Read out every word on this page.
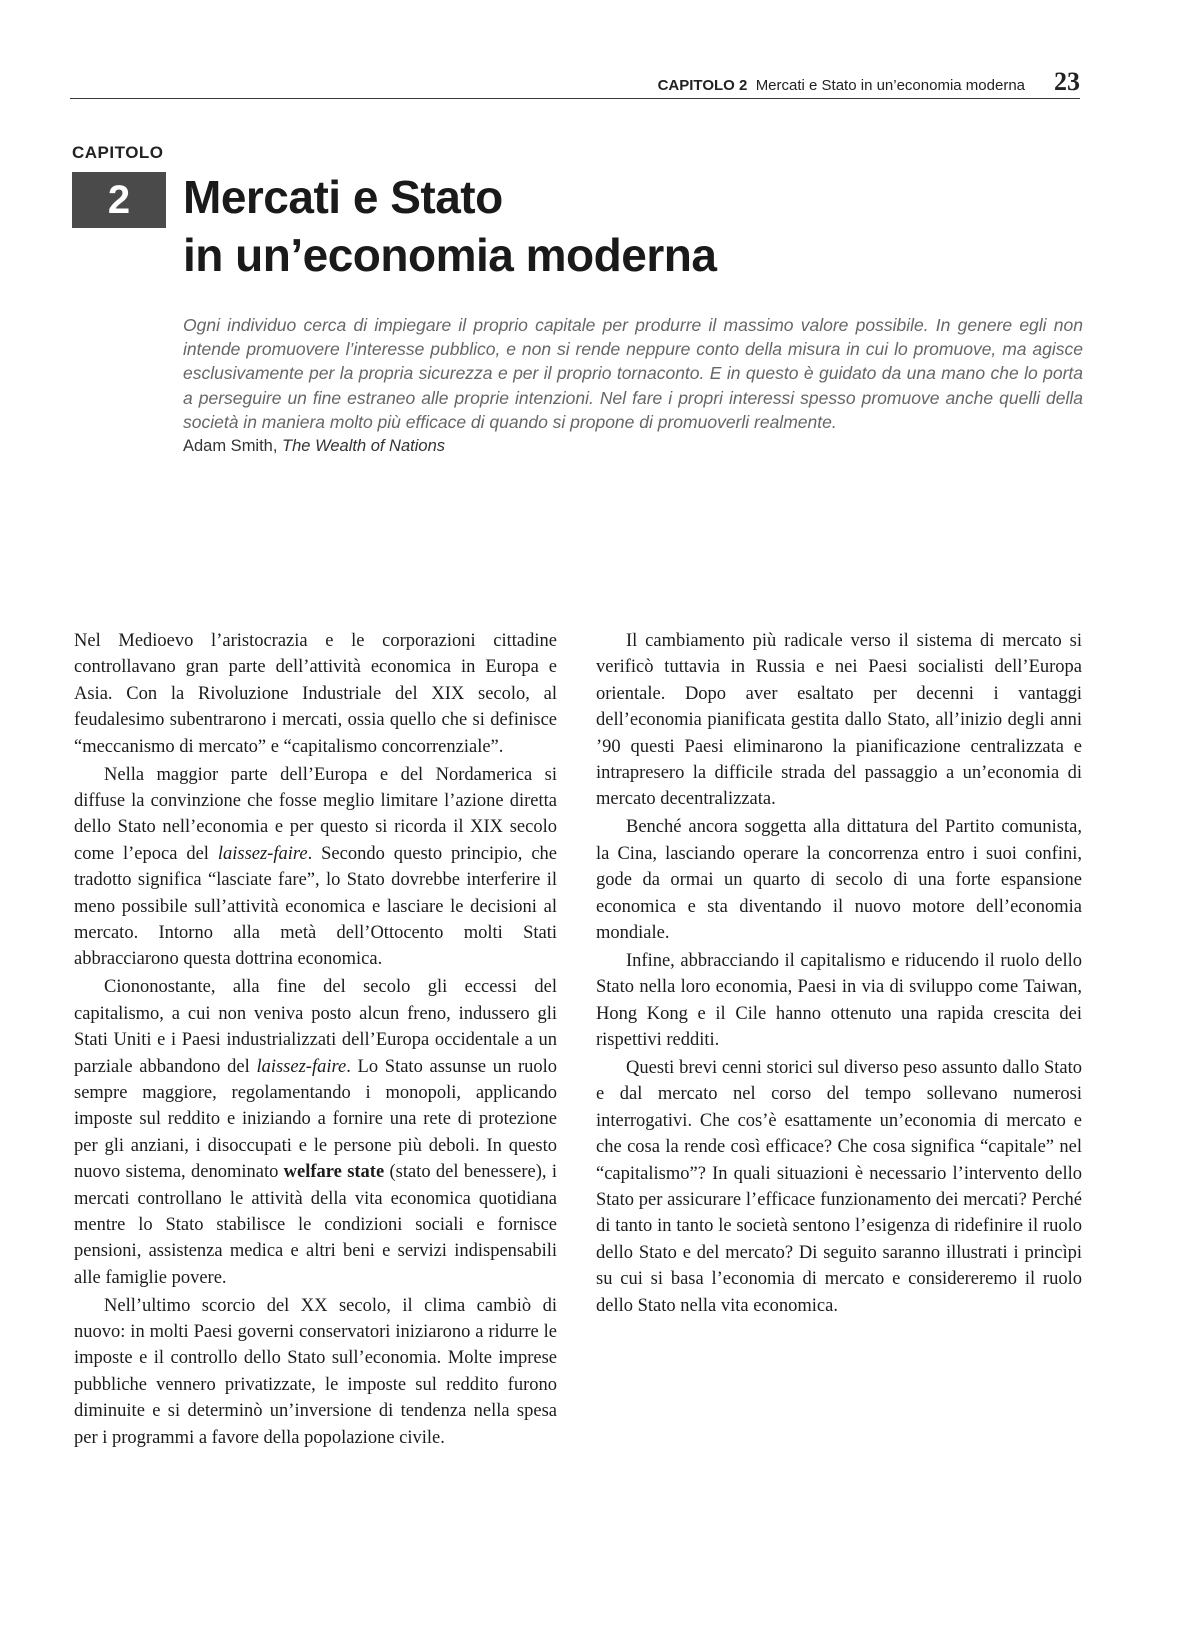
CAPITOLO 2 Mercati e Stato in un’economia moderna 23
CAPITOLO
2	Mercati e Stato
in un’economia moderna

Ogni individuo cerca di impiegare il proprio capitale per produrre il massimo valore possibile. In genere egli non intende promuovere l’interesse pubblico, e non si rende neppure conto della misura in cui lo promuove, ma agisce esclusivamente per la propria sicurezza e per il proprio tornaconto. E in questo è guidato da una mano che lo porta a perseguire un fine estraneo alle proprie intenzioni. Nel fare i propri interessi spesso promuove anche quelli della società in maniera molto più efficace di quando si propone di promuoverli realmente.

Adam Smith, The Wealth of Nations

Nel Medioevo l’aristocrazia e le corporazioni cittadine controllavano gran parte dell’attività economica in Europa e Asia. Con la Rivoluzione Industriale del XIX secolo, al feudalesimo subentrarono i mercati, ossia quello che si definisce “meccanismo di mercato” e “capitalismo concorrenziale”.

Nella maggior parte dell’Europa e del Nordamerica si diffuse la convinzione che fosse meglio limitare l’azione diretta dello Stato nell’economia e per questo si ricorda il XIX secolo come l’epoca del laissez-faire. Secondo questo principio, che tradotto significa “lasciate fare”, lo Stato dovrebbe interferire il meno possibile sull’attività economica e lasciare le decisioni al mercato. Intorno alla metà dell’Ottocento molti Stati abbracciarono questa dottrina economica.

Ciononostante, alla fine del secolo gli eccessi del capitalismo, a cui non veniva posto alcun freno, indussero gli Stati Uniti e i Paesi industrializzati dell’Europa occidentale a un parziale abbandono del laissez-faire. Lo Stato assunse un ruolo sempre maggiore, regolamentando i monopoli, applicando imposte sul reddito e iniziando a fornire una rete di protezione per gli anziani, i disoccupati e le persone più deboli. In questo nuovo sistema, denominato welfare state (stato del benessere), i mercati controllano le attività della vita economica quotidiana mentre lo Stato stabilisce le condizioni sociali e fornisce pensioni, assistenza medica e altri beni e servizi indispensabili alle famiglie povere.

Nell’ultimo scorcio del XX secolo, il clima cambiò di nuovo: in molti Paesi governi conservatori iniziarono a ridurre le imposte e il controllo dello Stato sull’economia. Molte imprese pubbliche vennero privatizzate, le imposte sul reddito furono diminuite e si determinò un’inversione di tendenza nella spesa per i programmi a favore della popolazione civile.

Il cambiamento più radicale verso il sistema di mercato si verificò tuttavia in Russia e nei Paesi socialisti dell’Europa orientale. Dopo aver esaltato per decenni i vantaggi dell’economia pianificata gestita dallo Stato, all’inizio degli anni ’90 questi Paesi eliminarono la pianificazione centralizzata e intrapresero la difficile strada del passaggio a un’economia di mercato decentralizzata.

Benché ancora soggetta alla dittatura del Partito comunista, la Cina, lasciando operare la concorrenza entro i suoi confini, gode da ormai un quarto di secolo di una forte espansione economica e sta diventando il nuovo motore dell’economia mondiale.

Infine, abbracciando il capitalismo e riducendo il ruolo dello Stato nella loro economia, Paesi in via di sviluppo come Taiwan, Hong Kong e il Cile hanno ottenuto una rapida crescita dei rispettivi redditi.

Questi brevi cenni storici sul diverso peso assunto dallo Stato e dal mercato nel corso del tempo sollevano numerosi interrogativi. Che cos’è esattamente un’economia di mercato e che cosa la rende così efficace? Che cosa significa “capitale” nel “capitalismo”? In quali situazioni è necessario l’intervento dello Stato per assicurare l’efficace funzionamento dei mercati? Perché di tanto in tanto le società sentono l’esigenza di ridefinire il ruolo dello Stato e del mercato? Di seguito saranno illustrati i princìpi su cui si basa l’economia di mercato e considereremo il ruolo dello Stato nella vita economica.
